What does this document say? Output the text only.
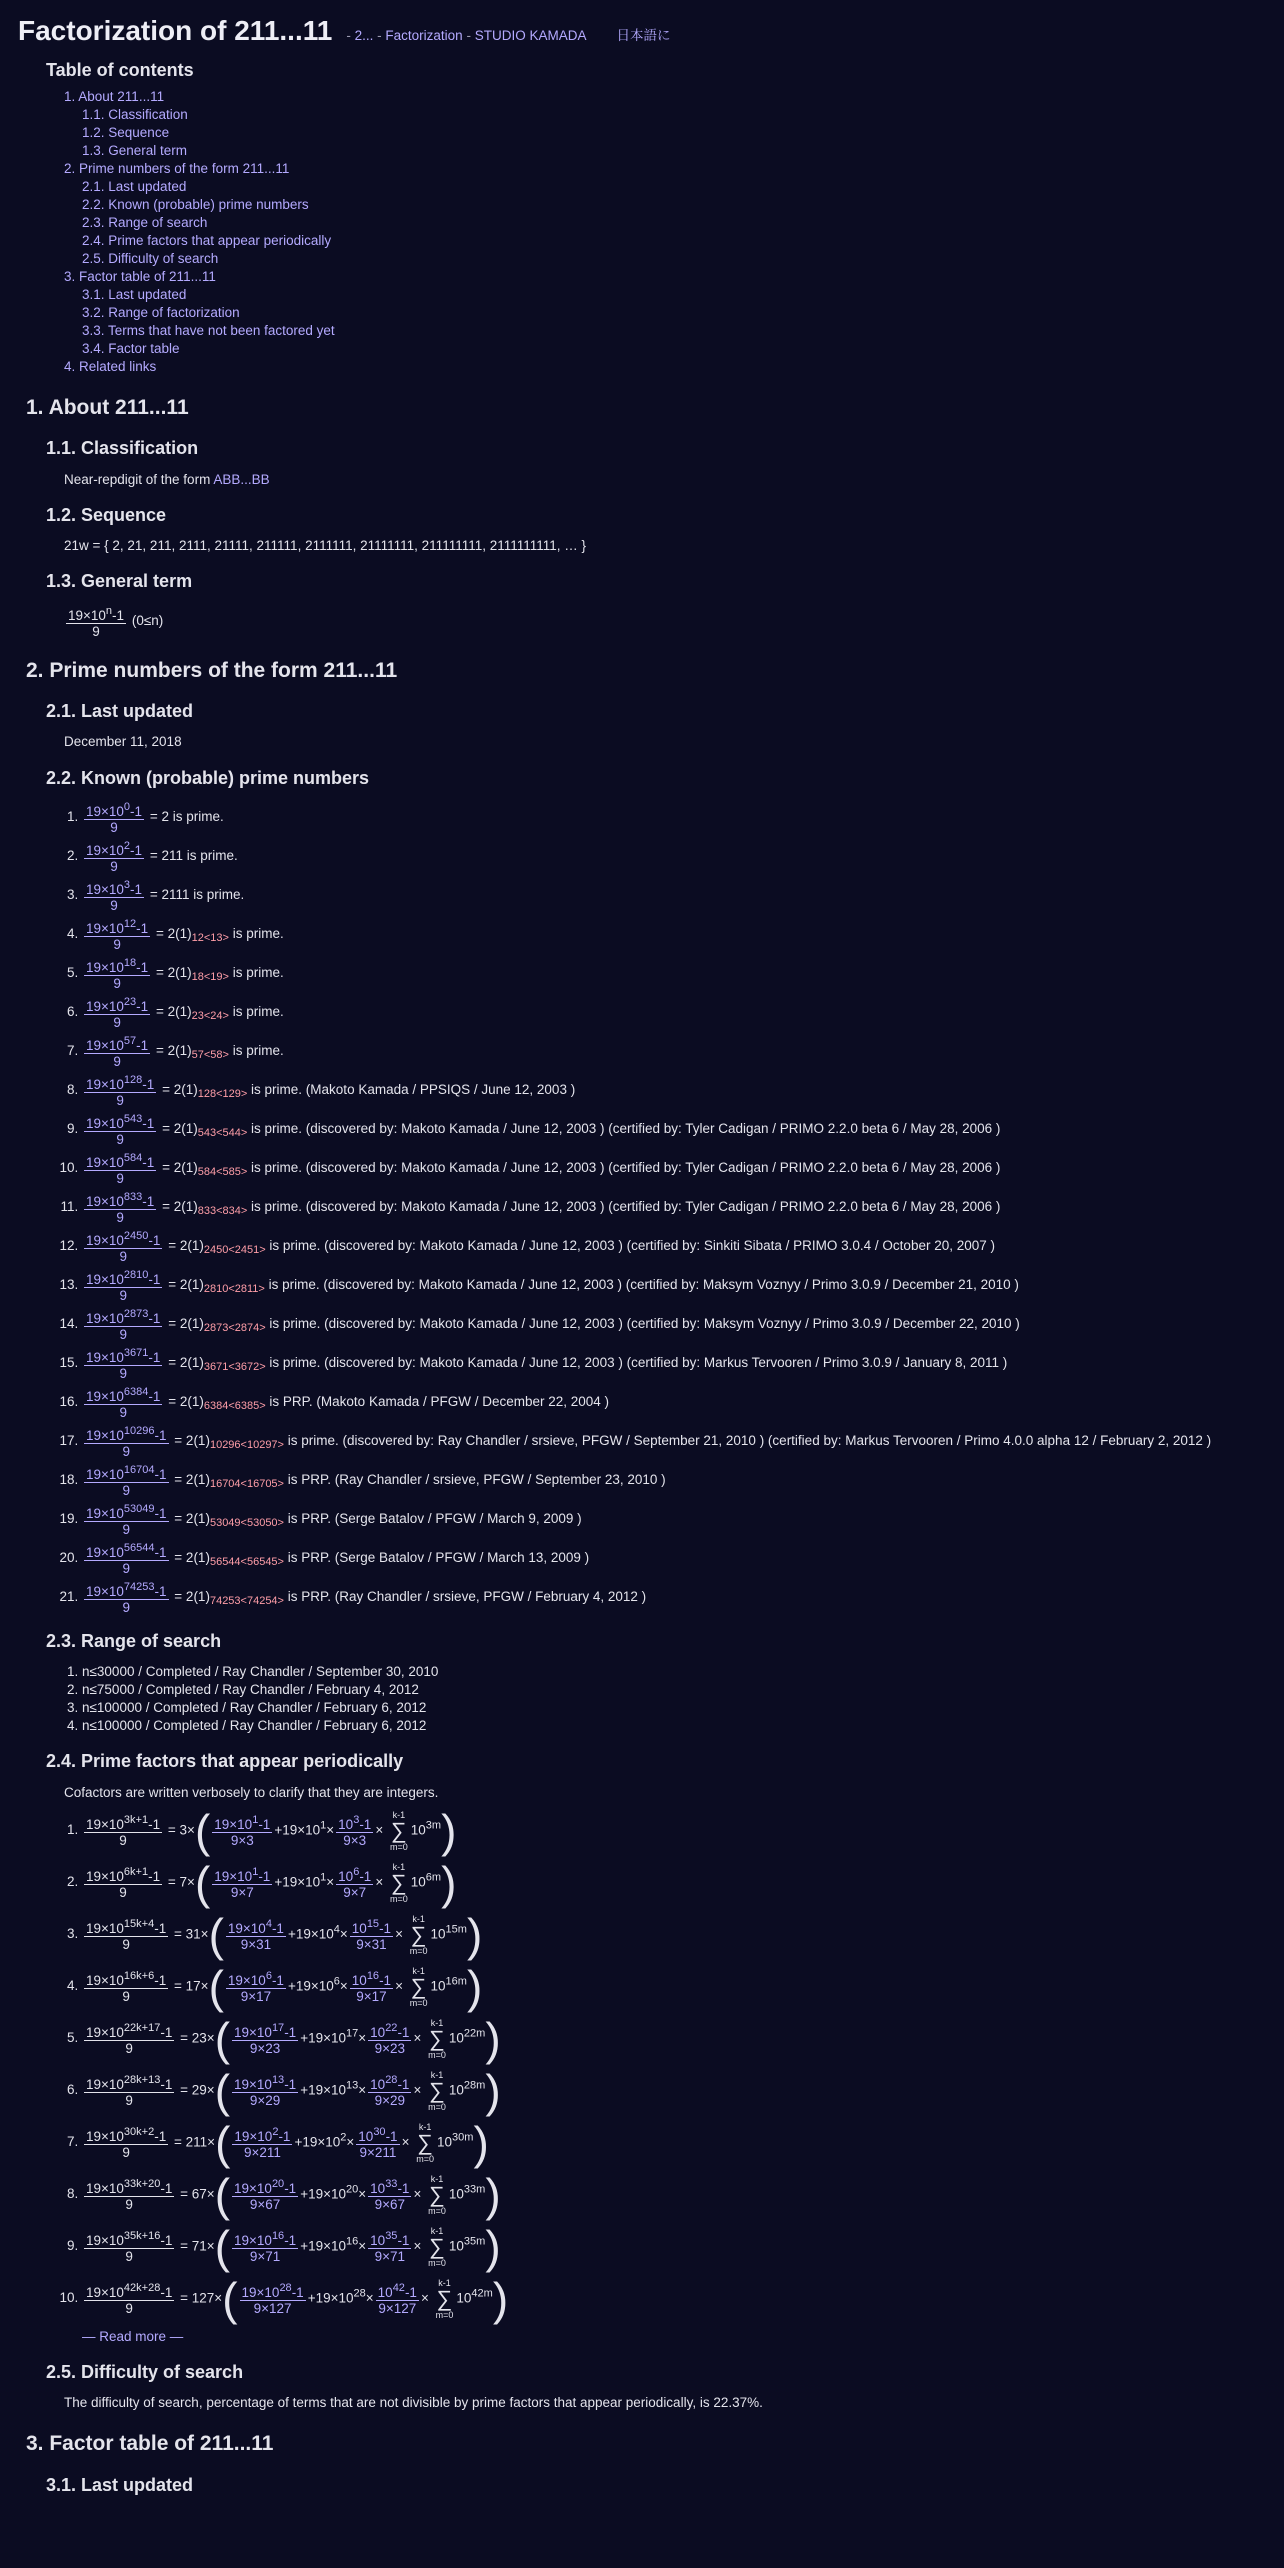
Factorization of 211...11 - 2... - Factorization - STUDIO KAMADA 日本語に
Table of contents
1. About 211...11
1.1. Classification
1.2. Sequence
1.3. General term
2. Prime numbers of the form 211...11
2.1. Last updated
2.2. Known (probable) prime numbers
2.3. Range of search
2.4. Prime factors that appear periodically
2.5. Difficulty of search
3. Factor table of 211...11
3.1. Last updated
3.2. Range of factorization
3.3. Terms that have not been factored yet
3.4. Factor table
4. Related links
1. About 211...11
1.1. Classification
Near-repdigit of the form ABB...BB
1.2. Sequence
21w = { 2, 21, 211, 2111, 21111, 211111, 2111111, 21111111, 211111111, 2111111111, … }
1.3. General term
$\frac{19\times 10^n-1}{9} (0\le n)$
2. Prime numbers of the form 211...11
2.1. Last updated
December 11, 2018
2.2. Known (probable) prime numbers
1. $\frac{19\times 10^0-1}{9} = 2$ is prime.
2. $\frac{19\times 10^2-1}{9} = 211$ is prime.
3. $\frac{19\times 10^3-1}{9} = 2111$ is prime.
4. $\frac{19\times 10^{12}-1}{9} = 2(1)_{12<13>}$ is prime.
5. $\frac{19\times 10^{18}-1}{9} = 2(1)_{18<19>}$ is prime.
6. $\frac{19\times 10^{23}-1}{9} = 2(1)_{23<24>}$ is prime.
7. $\frac{19\times 10^{57}-1}{9} = 2(1)_{57<58>}$ is prime.
8. $\frac{19\times 10^{128}-1}{9} = 2(1)_{128<129>}$ is prime. (Makoto Kamada / PPSIQS / June 12, 2003 )
9. $\frac{19\times 10^{543}-1}{9} = 2(1)_{543<544>}$ is prime. (discovered by: Makoto Kamada / June 12, 2003 ) (certified by: Tyler Cadigan / PRIMO 2.2.0 beta 6 / May 28, 2006 )
10. $\frac{19\times 10^{584}-1}{9} = 2(1)_{584<585>}$ is prime. (discovered by: Makoto Kamada / June 12, 2003 ) (certified by: Tyler Cadigan / PRIMO 2.2.0 beta 6 / May 28, 2006 )
11. $\frac{19\times 10^{833}-1}{9} = 2(1)_{833<834>}$ is prime. (discovered by: Makoto Kamada / June 12, 2003 ) (certified by: Tyler Cadigan / PRIMO 2.2.0 beta 6 / May 28, 2006 )
12. $\frac{19\times 10^{2450}-1}{9} = 2(1)_{2450<2451>}$ is prime. (discovered by: Makoto Kamada / June 12, 2003 ) (certified by: Sinkiti Sibata / PRIMO 3.0.4 / October 20, 2007 )
13. $\frac{19\times 10^{2810}-1}{9} = 2(1)_{2810<2811>}$ is prime. (discovered by: Makoto Kamada / June 12, 2003 ) (certified by: Maksym Voznyy / Primo 3.0.9 / December 21, 2010 )
14. $\frac{19\times 10^{2873}-1}{9} = 2(1)_{2873<2874>}$ is prime. (discovered by: Makoto Kamada / June 12, 2003 ) (certified by: Maksym Voznyy / Primo 3.0.9 / December 22, 2010 )
15. $\frac{19\times 10^{3671}-1}{9} = 2(1)_{3671<3672>}$ is prime. (discovered by: Makoto Kamada / June 12, 2003 ) (certified by: Markus Tervooren / Primo 3.0.9 / January 8, 2011 )
16. $\frac{19\times 10^{6384}-1}{9} = 2(1)_{6384<6385>}$ is PRP. (Makoto Kamada / PFGW / December 22, 2004 )
17. $\frac{19\times 10^{10296}-1}{9} = 2(1)_{10296<10297>}$ is prime. (discovered by: Ray Chandler / srsieve, PFGW / September 21, 2010 ) (certified by: Markus Tervooren / Primo 4.0.0 alpha 12 / February 2, 2012 )
18. $\frac{19\times 10^{16704}-1}{9} = 2(1)_{16704<16705>}$ is PRP. (Ray Chandler / srsieve, PFGW / September 23, 2010 )
19. $\frac{19\times 10^{53049}-1}{9} = 2(1)_{53049<53050>}$ is PRP. (Serge Batalov / PFGW / March 9, 2009 )
20. $\frac{19\times 10^{56544}-1}{9} = 2(1)_{56544<56545>}$ is PRP. (Serge Batalov / PFGW / March 13, 2009 )
21. $\frac{19\times 10^{74253}-1}{9} = 2(1)_{74253<74254>}$ is PRP. (Ray Chandler / srsieve, PFGW / February 4, 2012 )
2.3. Range of search
1. n≤30000 / Completed / Ray Chandler / September 30, 2010
2. n≤75000 / Completed / Ray Chandler / February 4, 2012
3. n≤100000 / Completed / Ray Chandler / February 6, 2012
4. n≤100000 / Completed / Ray Chandler / February 6, 2012
2.4. Prime factors that appear periodically
Cofactors are written verbosely to clarify that they are integers.
1. $\frac{19\times 10^{3k+1}-1}{9} = 3\times( \frac{19\times 10^1-1}{9\times 3} +19\times 10^1\times \frac{10^3-1}{9\times 3}$ ×
k-1
∑
m=0
$10^{3m}$)
2. $\frac{19\times 10^{6k+1}-1}{9} = 7\times( \frac{19\times 10^1-1}{9\times 7} +19\times 10^1\times \frac{10^6-1}{9\times 7}$ ×
k-1
∑
m=0
$10^{6m}$)
3. $\frac{19\times 10^{15k+4}-1}{9} = 31\times( \frac{19\times 10^4-1}{9\times 31} +19\times 10^4\times \frac{10^{15}-1}{9\times 31}$ ×
k-1
∑
m=0
$10^{15m}$)
4. $\frac{19\times 10^{16k+6}-1}{9} = 17\times( \frac{19\times 10^6-1}{9\times 17} +19\times 10^6\times \frac{10^{16}-1}{9\times 17}$ ×
k-1
∑
m=0
$10^{16m}$)
5. $\frac{19\times 10^{22k+17}-1}{9} = 23\times( \frac{19\times 10^{17}-1}{9\times 23} +19\times 10^{17}\times \frac{10^{22}-1}{9\times 23}$ ×
k-1
∑
m=0
$10^{22m}$)
6. $\frac{19\times 10^{28k+13}-1}{9} = 29\times( \frac{19\times 10^{13}-1}{9\times 29} +19\times 10^{13}\times \frac{10^{28}-1}{9\times 29}$ ×
k-1
∑
m=0
$10^{28m}$)
7. $\frac{19\times 10^{30k+2}-1}{9} = 211\times( \frac{19\times 10^2-1}{9\times 211} +19\times 10^2\times \frac{10^{30}-1}{9\times 211}$ ×
k-1
∑
m=0
$10^{30m}$)
8. $\frac{19\times 10^{33k+20}-1}{9} = 67\times( \frac{19\times 10^{20}-1}{9\times 67} +19\times 10^{20}\times \frac{10^{33}-1}{9\times 67}$ ×
k-1
∑
m=0
$10^{33m}$)
9. $\frac{19\times 10^{35k+16}-1}{9} = 71\times( \frac{19\times 10^{16}-1}{9\times 71} +19\times 10^{16}\times \frac{10^{35}-1}{9\times 71}$ ×
k-1
∑
m=0
$10^{35m}$)
10. $\frac{19\times 10^{42k+28}-1}{9} = 127\times( \frac{19\times 10^{28}-1}{9\times 127} +19\times 10^{28}\times \frac{10^{42}-1}{9\times 127}$ ×
k-1
∑
m=0
$10^{42m}$)
— Read more —
2.5. Difficulty of search
The difficulty of search, percentage of terms that are not divisible by prime factors that appear periodically, is 22.37%.
3. Factor table of 211...11
3.1. Last updated
